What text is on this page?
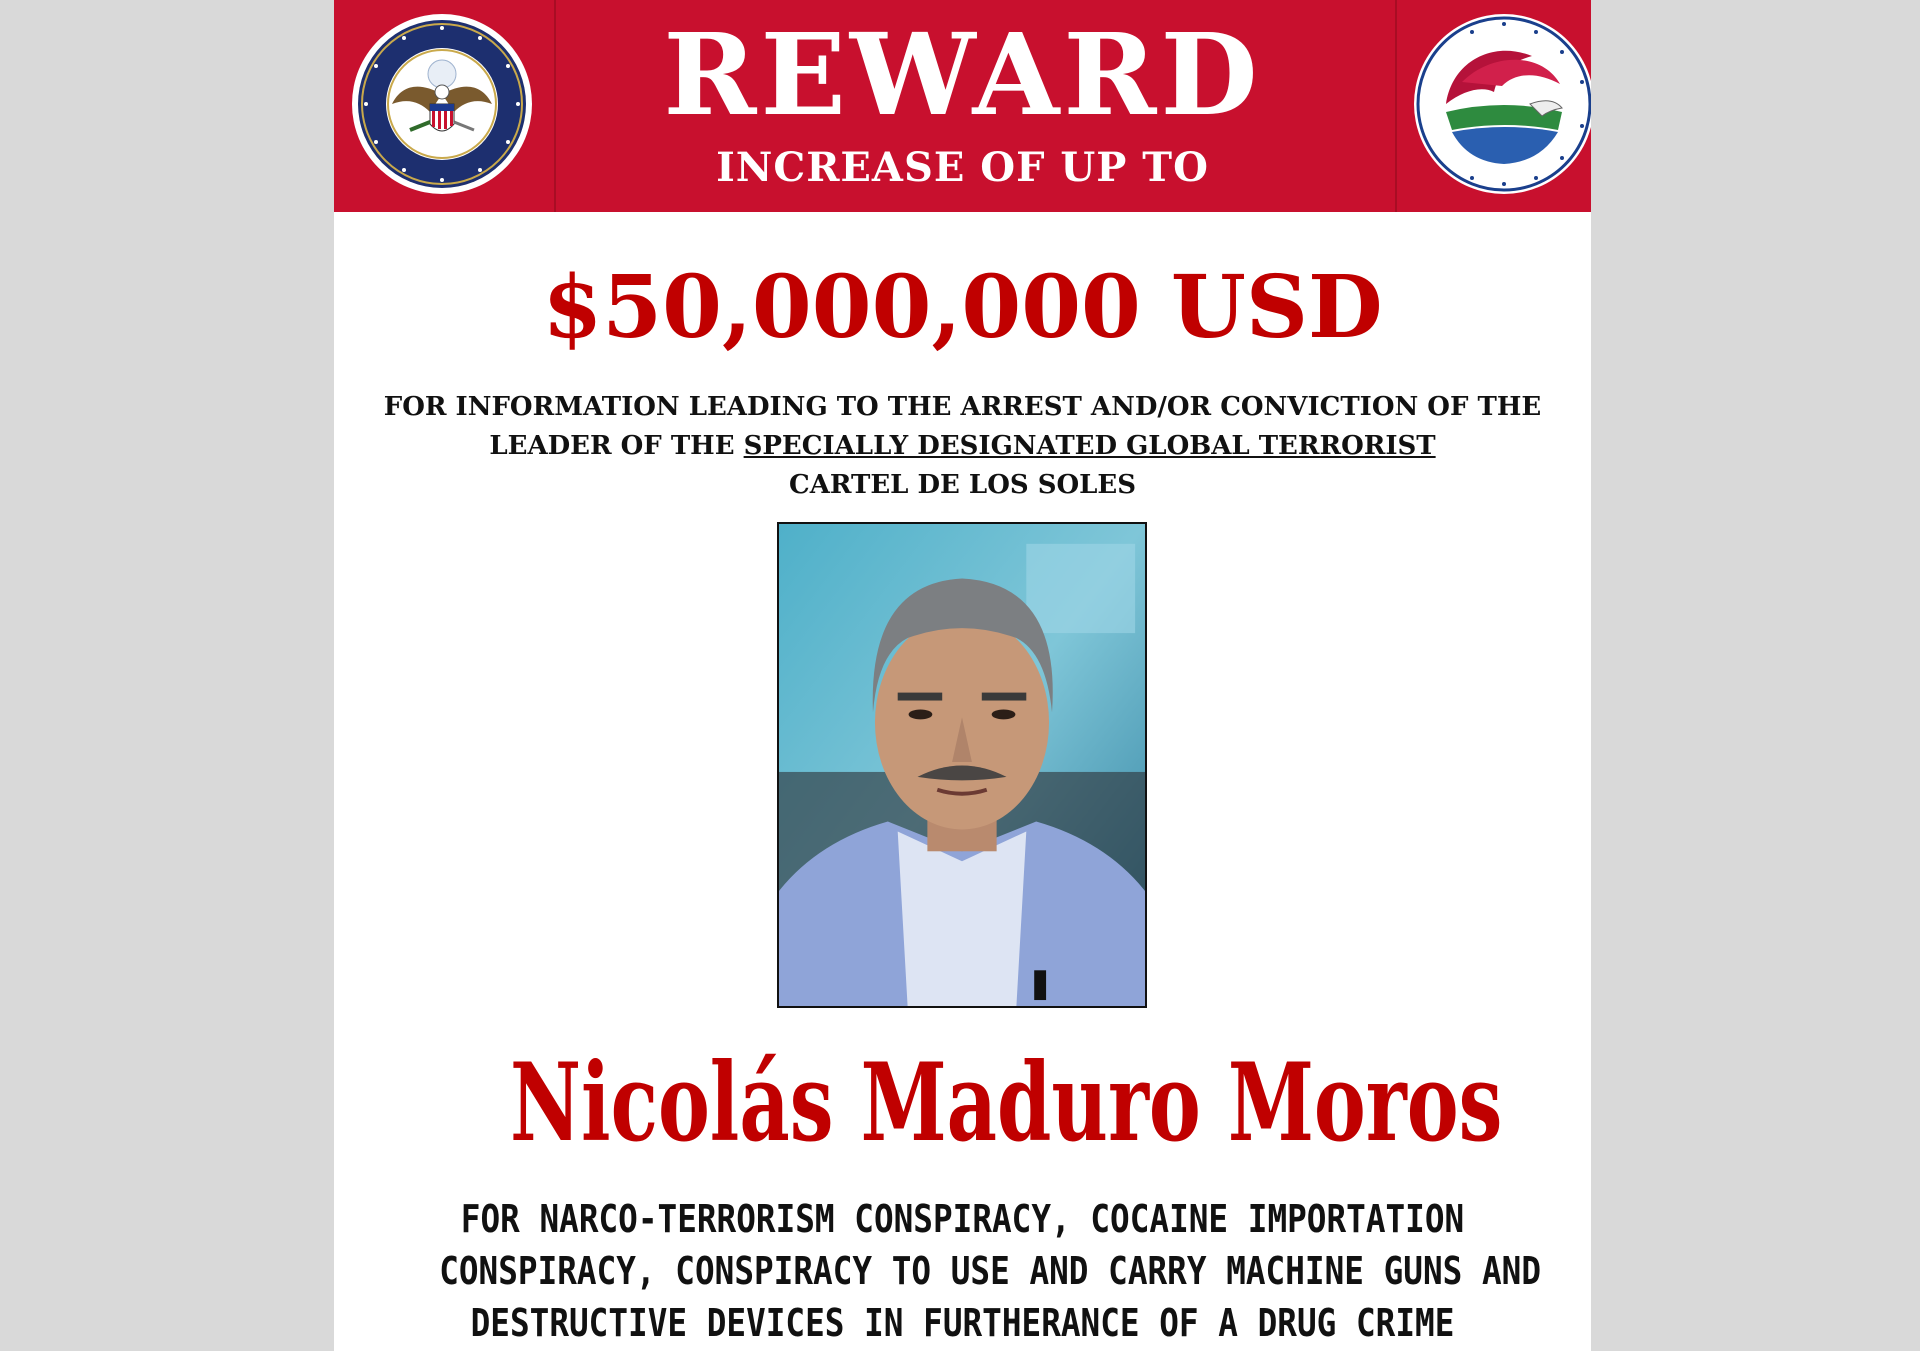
REWARD
INCREASE OF UP TO
$50,000,000 USD
FOR INFORMATION LEADING TO THE ARREST AND/OR CONVICTION OF THE
LEADER OF THE SPECIALLY DESIGNATED GLOBAL TERRORIST
CARTEL DE LOS SOLES
Nicolás Maduro Moros
FOR NARCO-TERRORISM CONSPIRACY, COCAINE IMPORTATION
CONSPIRACY, CONSPIRACY TO USE AND CARRY MACHINE GUNS AND
DESTRUCTIVE DEVICES IN FURTHERANCE OF A DRUG CRIME
